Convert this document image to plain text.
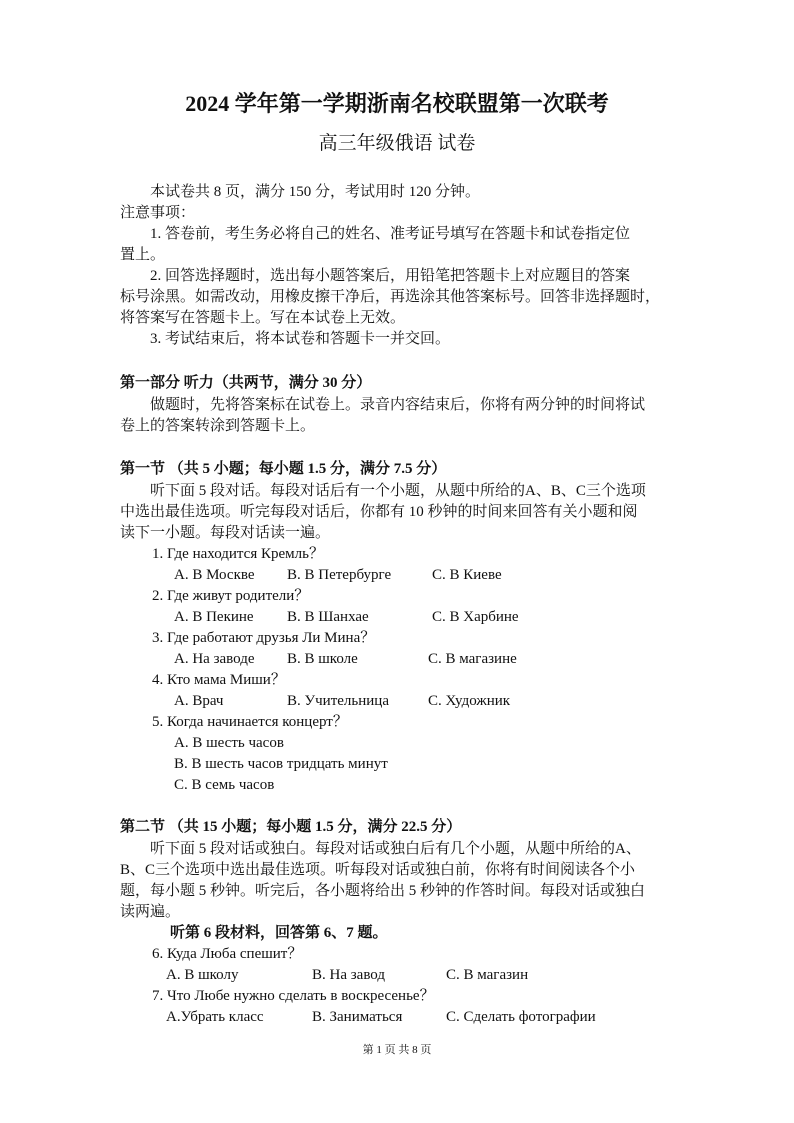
2024 学年第一学期浙南名校联盟第一次联考
高三年级俄语 试卷
本试卷共 8 页，满分 150 分，考试用时 120 分钟。
注意事项：
1. 答卷前，考生务必将自己的姓名、准考证号填写在答题卡和试卷指定位
置上。
2. 回答选择题时，选出每小题答案后，用铅笔把答题卡上对应题目的答案
标号涂黑。如需改动，用橡皮擦干净后，再选涂其他答案标号。回答非选择题时，
将答案写在答题卡上。写在本试卷上无效。
3. 考试结束后，将本试卷和答题卡一并交回。
第一部分 听力（共两节，满分 30 分）
做题时，先将答案标在试卷上。录音内容结束后，你将有两分钟的时间将试
卷上的答案转涂到答题卡上。
第一节 （共 5 小题；每小题 1.5 分，满分 7.5 分）
听下面 5 段对话。每段对话后有一个小题，从题中所给的A、B、C三个选项
中选出最佳选项。听完每段对话后，你都有 10 秒钟的时间来回答有关小题和阅
读下一小题。每段对话读一遍。
1. Где находится Кремль？
A. В Москве B. В Петербурге	C. В Киеве
2. Где живут родители？
A. В Пекине B. В Шанхае	C. В Харбине
3. Где работают друзья Ли Мина？
A. На заводе B. В школе	C. В магазине
4. Кто мама Миши？
A. Врач	B. Учительница	C. Художник
5. Когда начинается концерт？
A. В шесть часов
B. В шесть часов тридцать минут
C. В семь часов
第二节 （共 15 小题；每小题 1.5 分，满分 22.5 分）
听下面 5 段对话或独白。每段对话或独白后有几个小题，从题中所给的A、
B、C三个选项中选出最佳选项。听每段对话或独白前，你将有时间阅读各个小
题，每小题 5 秒钟。听完后，各小题将给出 5 秒钟的作答时间。每段对话或独白
读两遍。
听第 6 段材料，回答第 6、7 题。
6. Куда Люба спешит？
A. В школу	B. На завод	C. В магазин
7. Что Любе нужно сделать в воскресенье？
A.Убрать класс	B. Заниматься	C. Сделать фотографии
第 1 页 共 8 页
